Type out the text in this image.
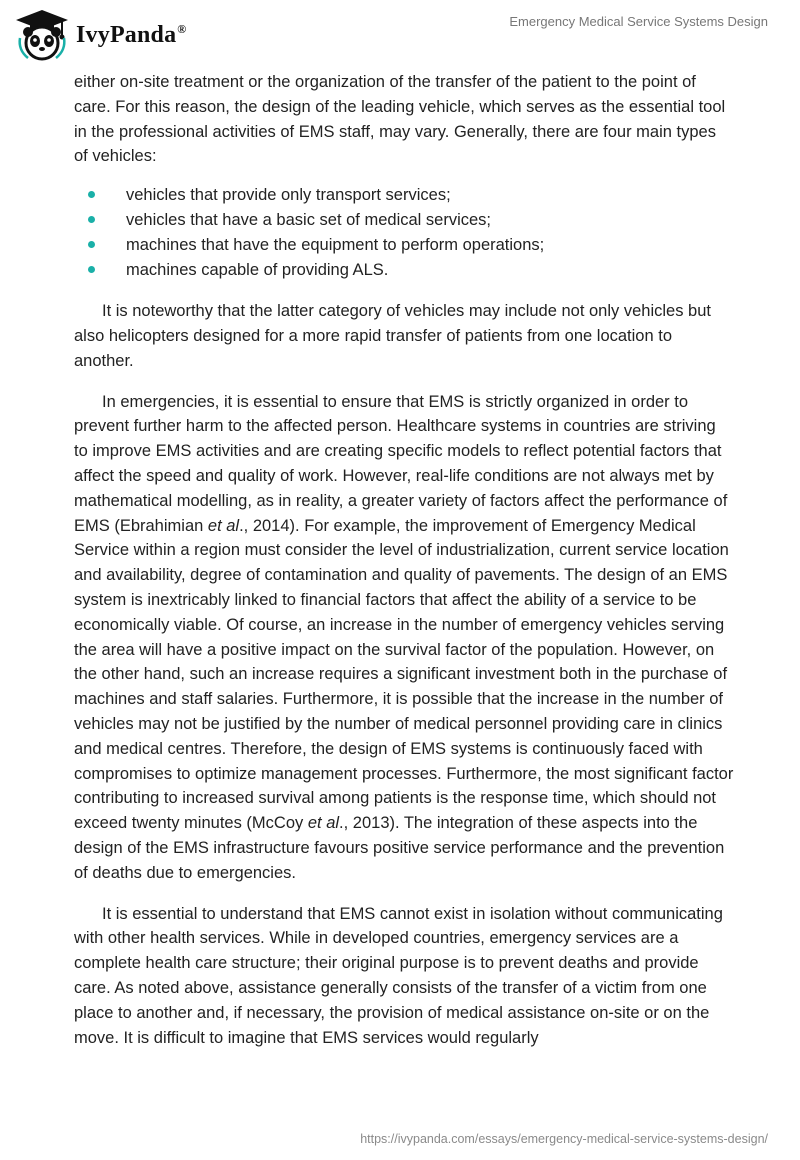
IvyPanda®	Emergency Medical Service Systems Design

either on-site treatment or the organization of the transfer of the patient to the point of care. For this reason, the design of the leading vehicle, which serves as the essential tool in the professional activities of EMS staff, may vary. Generally, there are four main types of vehicles:

vehicles that provide only transport services;
vehicles that have a basic set of medical services;
machines that have the equipment to perform operations;
machines capable of providing ALS.

It is noteworthy that the latter category of vehicles may include not only vehicles but also helicopters designed for a more rapid transfer of patients from one location to another.

In emergencies, it is essential to ensure that EMS is strictly organized in order to prevent further harm to the affected person. Healthcare systems in countries are striving to improve EMS activities and are creating specific models to reflect potential factors that affect the speed and quality of work. However, real-life conditions are not always met by mathematical modelling, as in reality, a greater variety of factors affect the performance of EMS (Ebrahimian et al., 2014). For example, the improvement of Emergency Medical Service within a region must consider the level of industrialization, current service location and availability, degree of contamination and quality of pavements. The design of an EMS system is inextricably linked to financial factors that affect the ability of a service to be economically viable. Of course, an increase in the number of emergency vehicles serving the area will have a positive impact on the survival factor of the population. However, on the other hand, such an increase requires a significant investment both in the purchase of machines and staff salaries. Furthermore, it is possible that the increase in the number of vehicles may not be justified by the number of medical personnel providing care in clinics and medical centres. Therefore, the design of EMS systems is continuously faced with compromises to optimize management processes. Furthermore, the most significant factor contributing to increased survival among patients is the response time, which should not exceed twenty minutes (McCoy et al., 2013). The integration of these aspects into the design of the EMS infrastructure favours positive service performance and the prevention of deaths due to emergencies.

It is essential to understand that EMS cannot exist in isolation without communicating with other health services. While in developed countries, emergency services are a complete health care structure; their original purpose is to prevent deaths and provide care. As noted above, assistance generally consists of the transfer of a victim from one place to another and, if necessary, the provision of medical assistance on-site or on the move. It is difficult to imagine that EMS services would regularly

https://ivypanda.com/essays/emergency-medical-service-systems-design/
